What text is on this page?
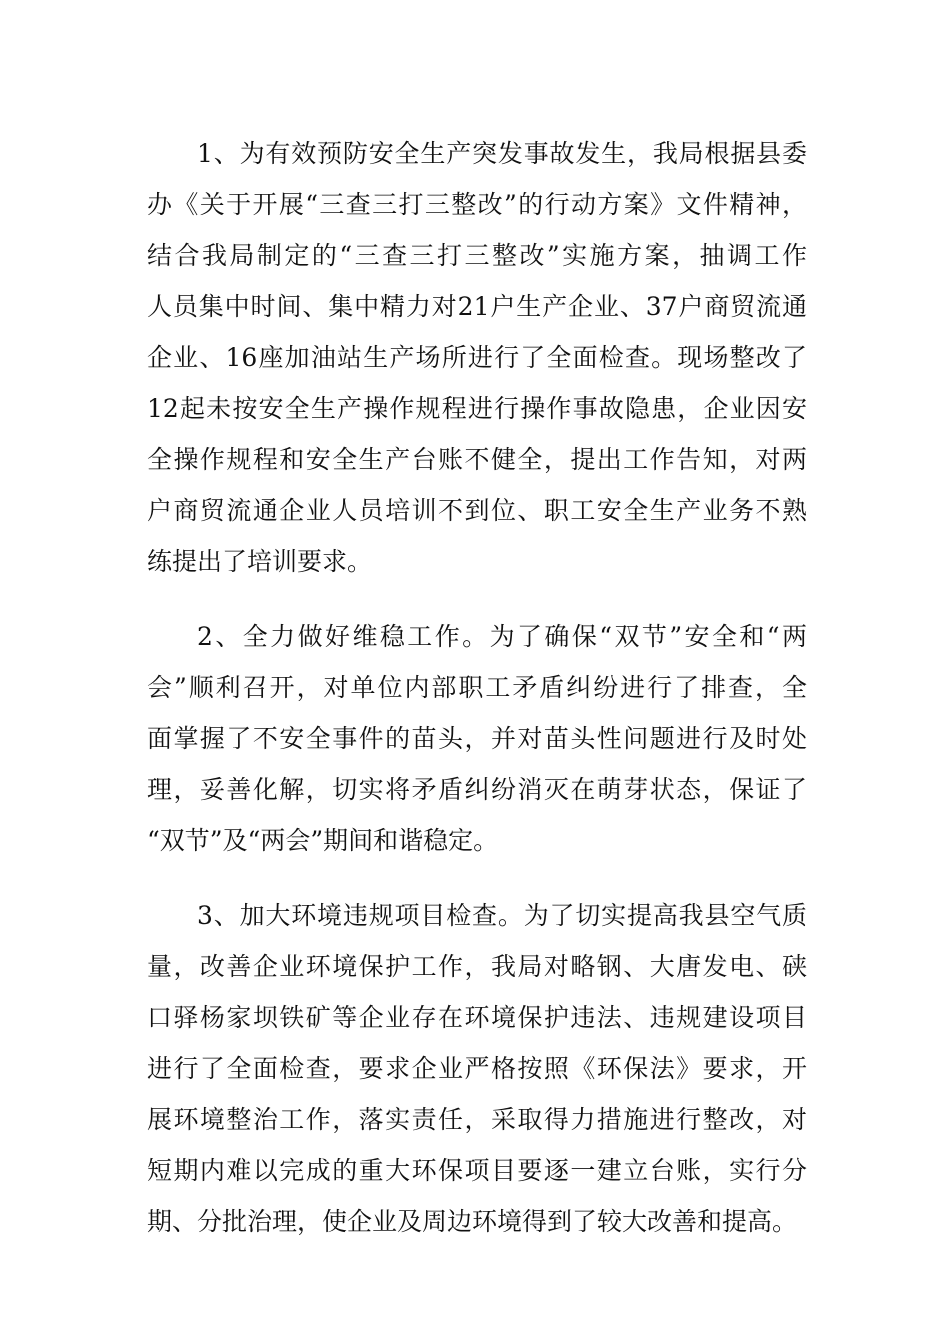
1、为有效预防安全生产突发事故发生，我局根据县委
办《关于开展“三查三打三整改”的行动方案》文件精神，
结合我局制定的“三查三打三整改”实施方案，抽调工作
人员集中时间、集中精力对21户生产企业、37户商贸流通
企业、16座加油站生产场所进行了全面检查。现场整改了
12起未按安全生产操作规程进行操作事故隐患，企业因安
全操作规程和安全生产台账不健全，提出工作告知，对两
户商贸流通企业人员培训不到位、职工安全生产业务不熟
练提出了培训要求。
2、全力做好维稳工作。为了确保“双节”安全和“两
会”顺利召开，对单位内部职工矛盾纠纷进行了排查，全
面掌握了不安全事件的苗头，并对苗头性问题进行及时处
理，妥善化解，切实将矛盾纠纷消灭在萌芽状态，保证了
“双节”及“两会”期间和谐稳定。
3、加大环境违规项目检查。为了切实提高我县空气质
量，改善企业环境保护工作，我局对略钢、大唐发电、硖
口驿杨家坝铁矿等企业存在环境保护违法、违规建设项目
进行了全面检查，要求企业严格按照《环保法》要求，开
展环境整治工作，落实责任，采取得力措施进行整改，对
短期内难以完成的重大环保项目要逐一建立台账，实行分
期、分批治理，使企业及周边环境得到了较大改善和提高。
